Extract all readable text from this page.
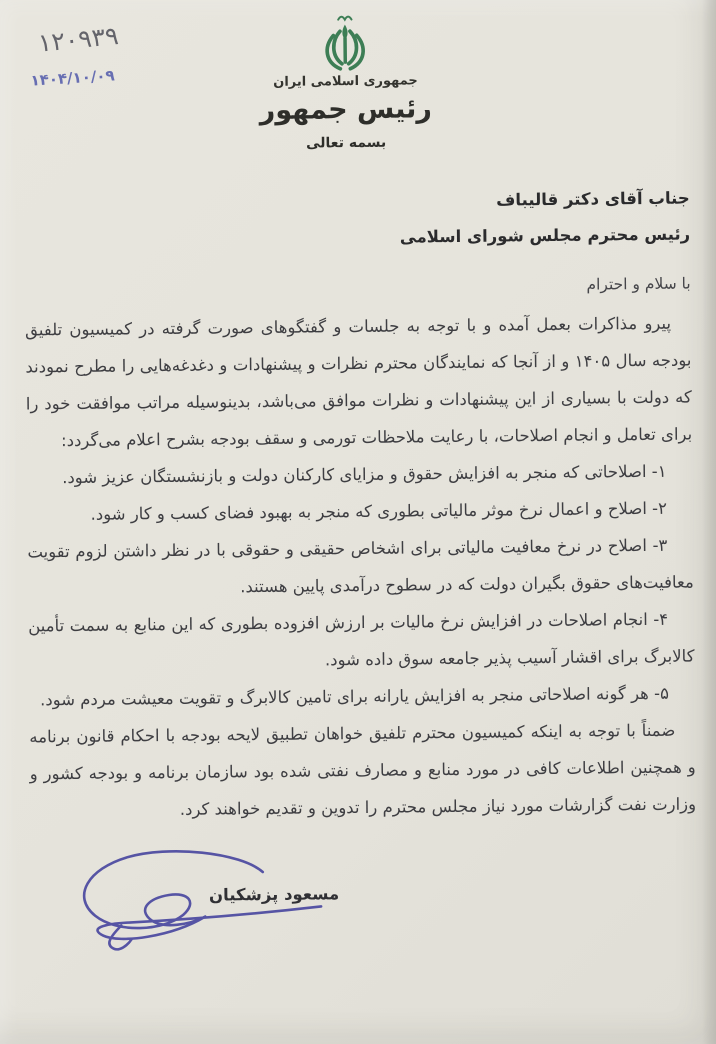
۱۲۰۹۳۹
۱۴۰۴/۱۰/۰۹	جمهوری اسلامی ایران
رئیس جمهور
بسمه تعالی
جناب آقای دکتر قالیباف
رئیس محترم مجلس شورای اسلامی
با سلام و احترام

پیرو مذاکرات بعمل آمده و با توجه به جلسات و گفتگوهای صورت گرفته در کمیسیون تلفیق بودجه سال ۱۴۰۵ و از آنجا که نمایندگان محترم نظرات و پیشنهادات و دغدغه‌هایی را مطرح نمودند که دولت با بسیاری از این پیشنهادات و نظرات موافق می‌باشد، بدینوسیله مراتب موافقت خود را برای تعامل و انجام اصلاحات، با رعایت ملاحظات تورمی و سقف بودجه بشرح اعلام می‌گردد:

۱- اصلاحاتی که منجر به افزایش حقوق و مزایای کارکنان دولت و بازنشستگان عزیز شود.

۲- اصلاح و اعمال نرخ موثر مالیاتی بطوری که منجر به بهبود فضای کسب و کار شود.

۳- اصلاح در نرخ معافیت مالیاتی برای اشخاص حقیقی و حقوقی با در نظر داشتن لزوم تقویت معافیت‌های حقوق بگیران دولت که در سطوح درآمدی پایین هستند.

۴- انجام اصلاحات در افزایش نرخ مالیات بر ارزش افزوده بطوری که این منابع به سمت تأمین کالابرگ برای اقشار آسیب پذیر جامعه سوق داده شود.

۵- هر گونه اصلاحاتی منجر به افزایش یارانه برای تامین کالابرگ و تقویت معیشت مردم شود.

ضمناً با توجه به اینکه کمیسیون محترم تلفیق خواهان تطبیق لایحه بودجه با احکام قانون برنامه و همچنین اطلاعات کافی در مورد منابع و مصارف نفتی شده بود سازمان برنامه و بودجه کشور و وزارت نفت گزارشات مورد نیاز مجلس محترم را تدوین و تقدیم خواهند کرد.

مسعود پزشکیان
